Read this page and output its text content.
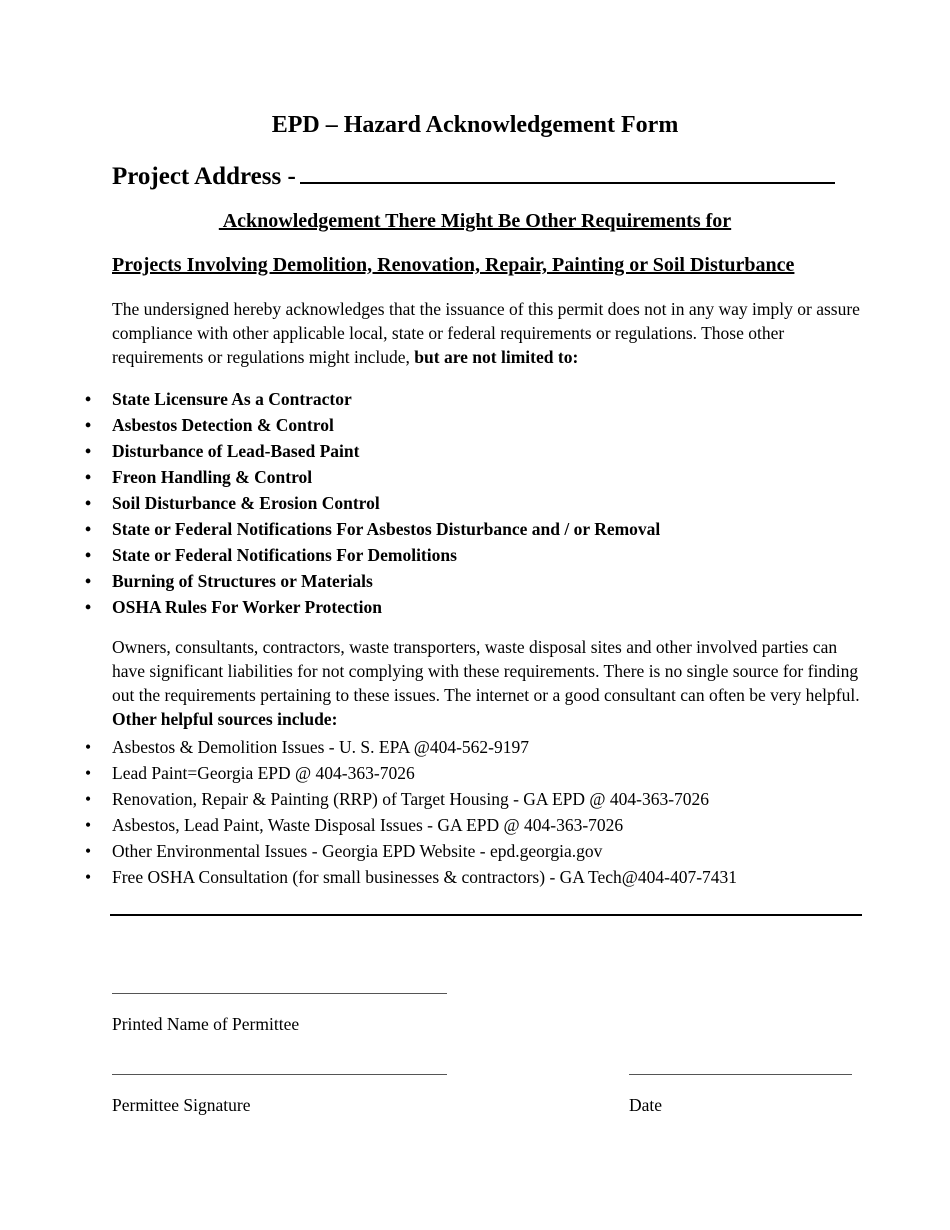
EPD – Hazard Acknowledgement Form
Project Address -
Acknowledgement There Might Be Other Requirements for
Projects Involving Demolition, Renovation, Repair, Painting or Soil Disturbance
The undersigned hereby acknowledges that the issuance of this permit does not in any way imply or assure compliance with other applicable local, state or federal requirements or regulations. Those other requirements or regulations might include, but are not limited to:
• State Licensure As a Contractor
• Asbestos Detection & Control
• Disturbance of Lead-Based Paint
• Freon Handling & Control
• Soil Disturbance & Erosion Control
• State or Federal Notifications For Asbestos Disturbance and / or Removal
• State or Federal Notifications For Demolitions
• Burning of Structures or Materials
• OSHA Rules For Worker Protection
Owners, consultants, contractors, waste transporters, waste disposal sites and other involved parties can have significant liabilities for not complying with these requirements. There is no single source for finding out the requirements pertaining to these issues. The internet or a good consultant can often be very helpful. Other helpful sources include:
• Asbestos & Demolition Issues - U. S. EPA @404-562-9197
• Lead Paint=Georgia EPD @ 404-363-7026
• Renovation, Repair & Painting (RRP) of Target Housing - GA EPD @ 404-363-7026
• Asbestos, Lead Paint, Waste Disposal Issues - GA EPD @ 404-363-7026
• Other Environmental Issues - Georgia EPD Website - epd.georgia.gov
• Free OSHA Consultation (for small businesses & contractors) - GA Tech@404-407-7431
Printed Name of Permittee
Permittee Signature	Date
